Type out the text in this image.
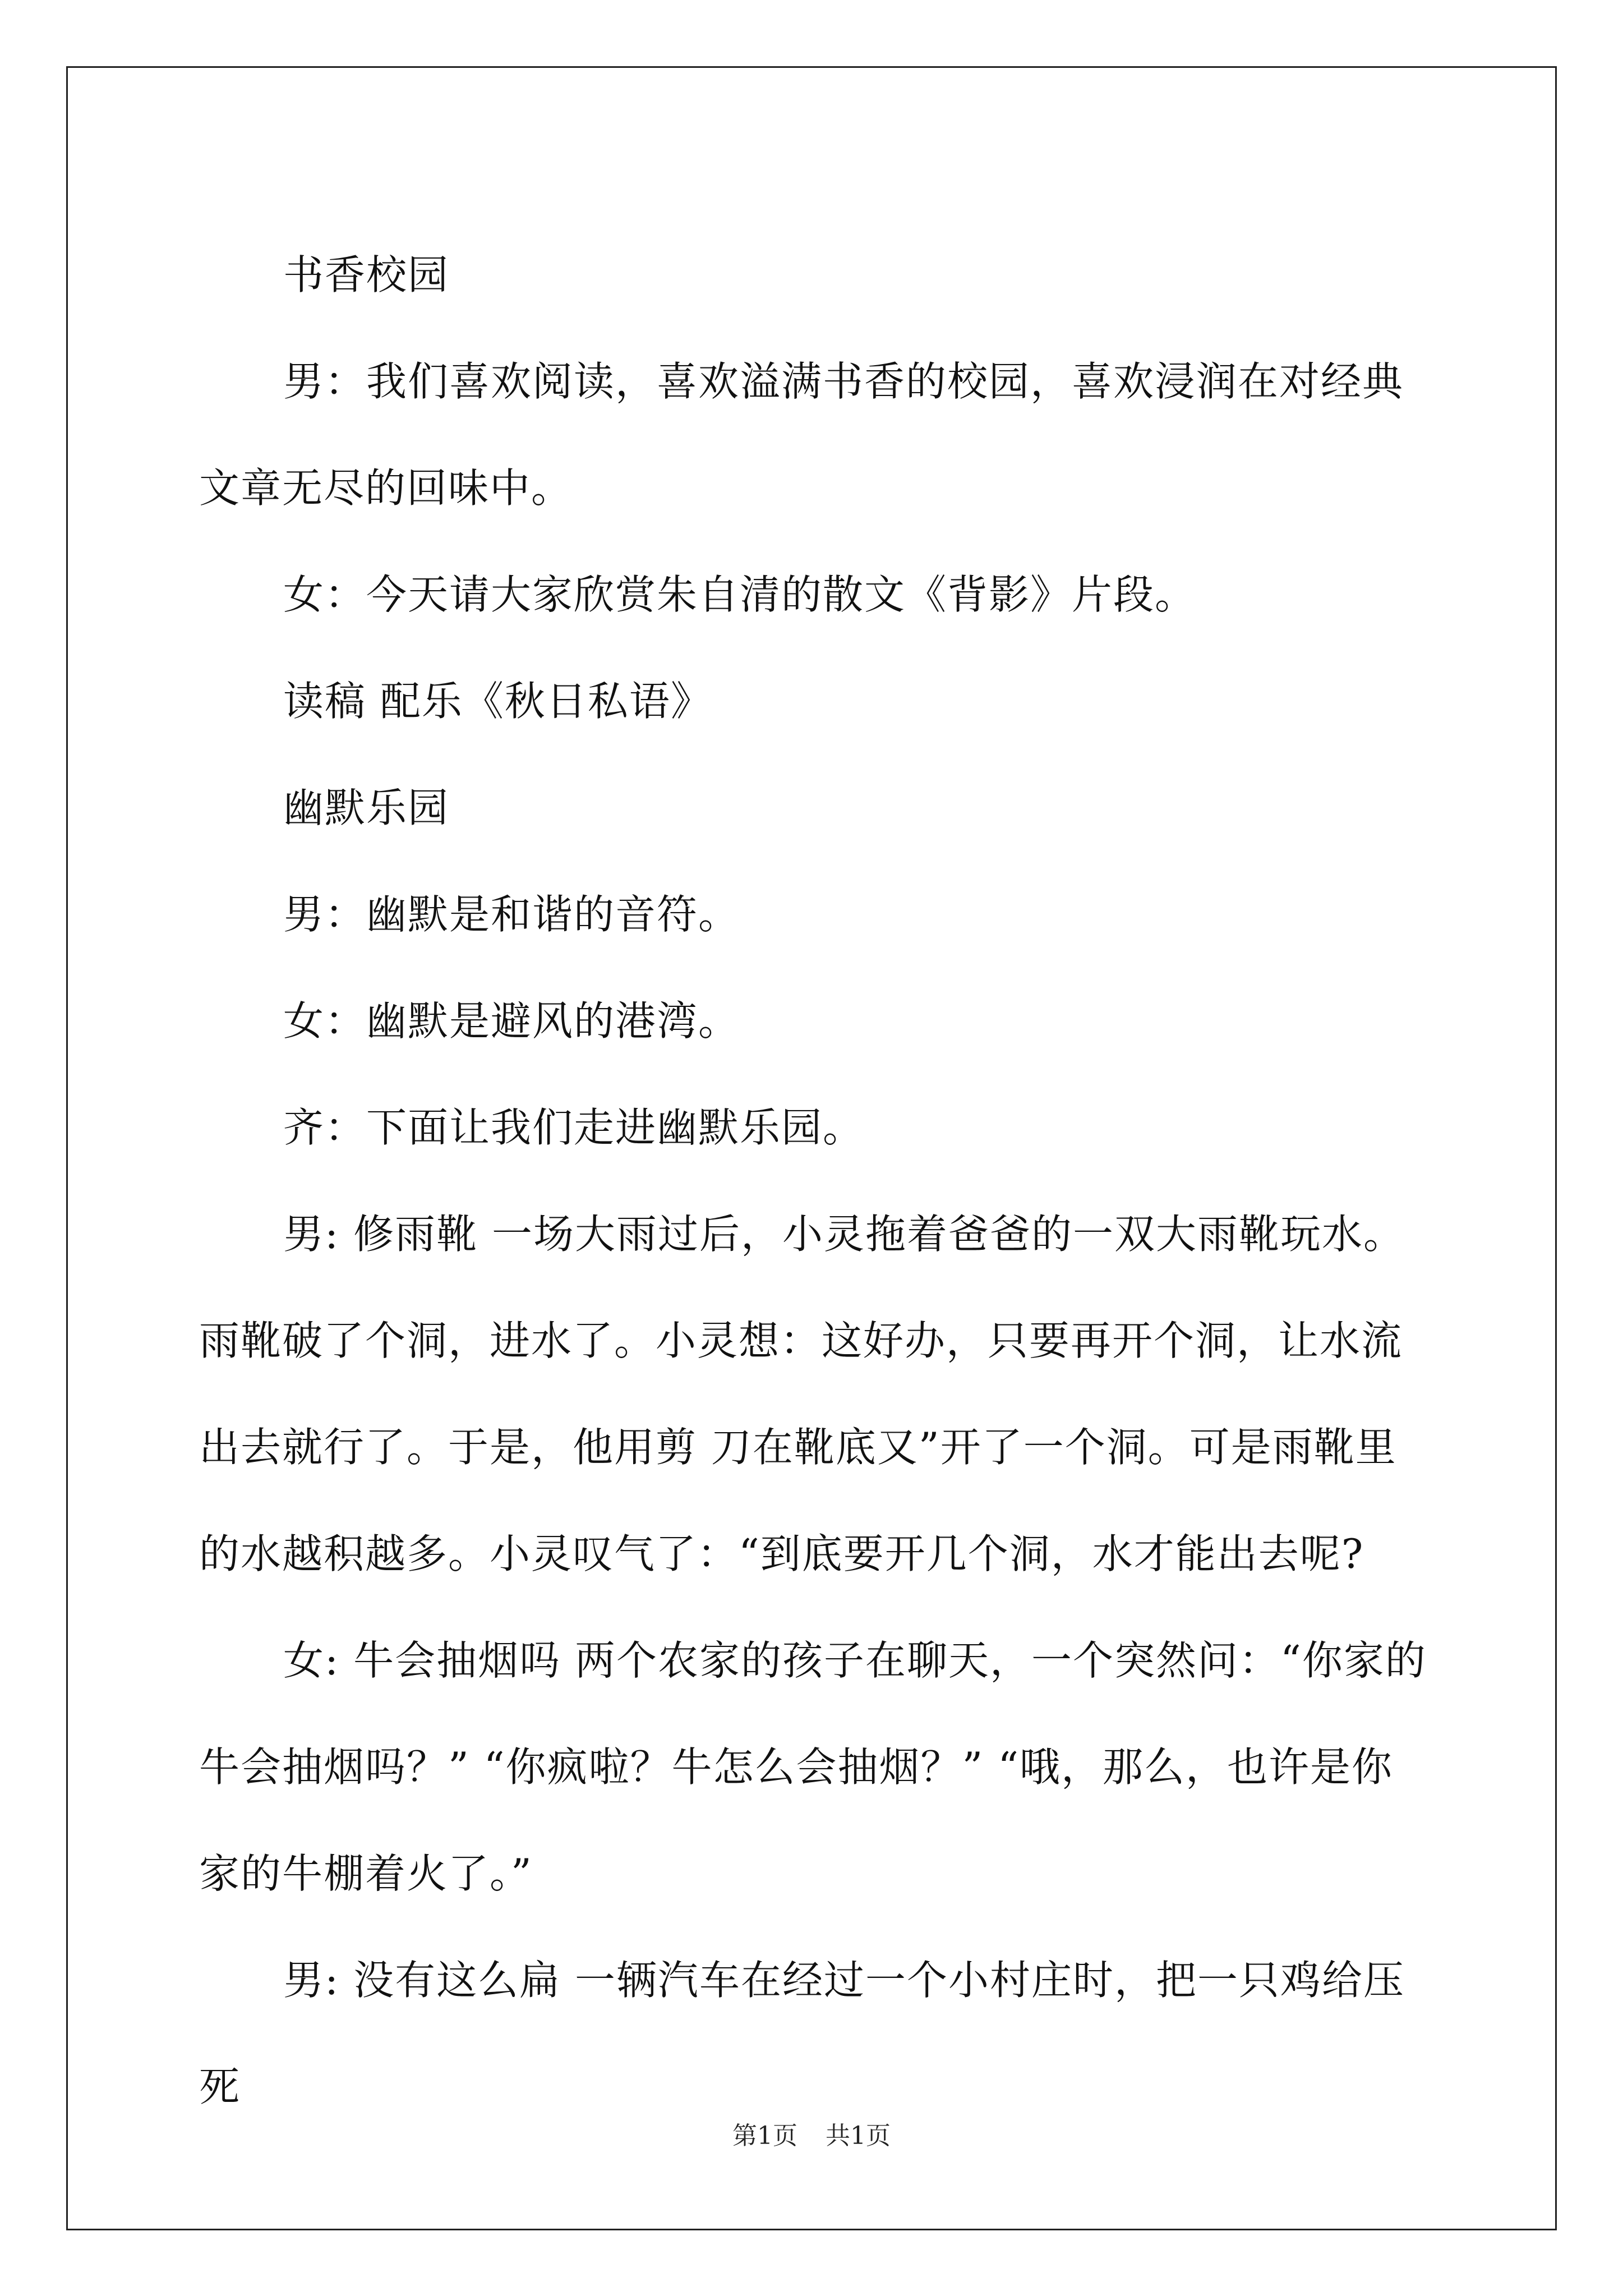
书香校园

男：我们喜欢阅读，喜欢溢满书香的校园，喜欢浸润在对经典文章无尽的回味中。

女：今天请大家欣赏朱自清的散文《背影》片段。

读稿 配乐《秋日私语》

幽默乐园

男：幽默是和谐的音符。

女：幽默是避风的港湾。

齐：下面让我们走进幽默乐园。

男: 修雨靴 一场大雨过后，小灵拖着爸爸的一双大雨靴玩水。雨靴破了个洞，进水了。小灵想：这好办，只要再开个洞，让水流出去就行了。于是，他用剪 刀在靴底又”开了一个洞。可是雨靴里的水越积越多。小灵叹气了：“到底要开几个洞，水才能出去呢?

女: 牛会抽烟吗 两个农家的孩子在聊天，一个突然问：“你家的牛会抽烟吗？” “你疯啦？牛怎么会抽烟？” “哦，那么，也许是你家的牛棚着火了。”

男: 没有这么扁 一辆汽车在经过一个小村庄时，把一只鸡给压死

第1页 共1页
